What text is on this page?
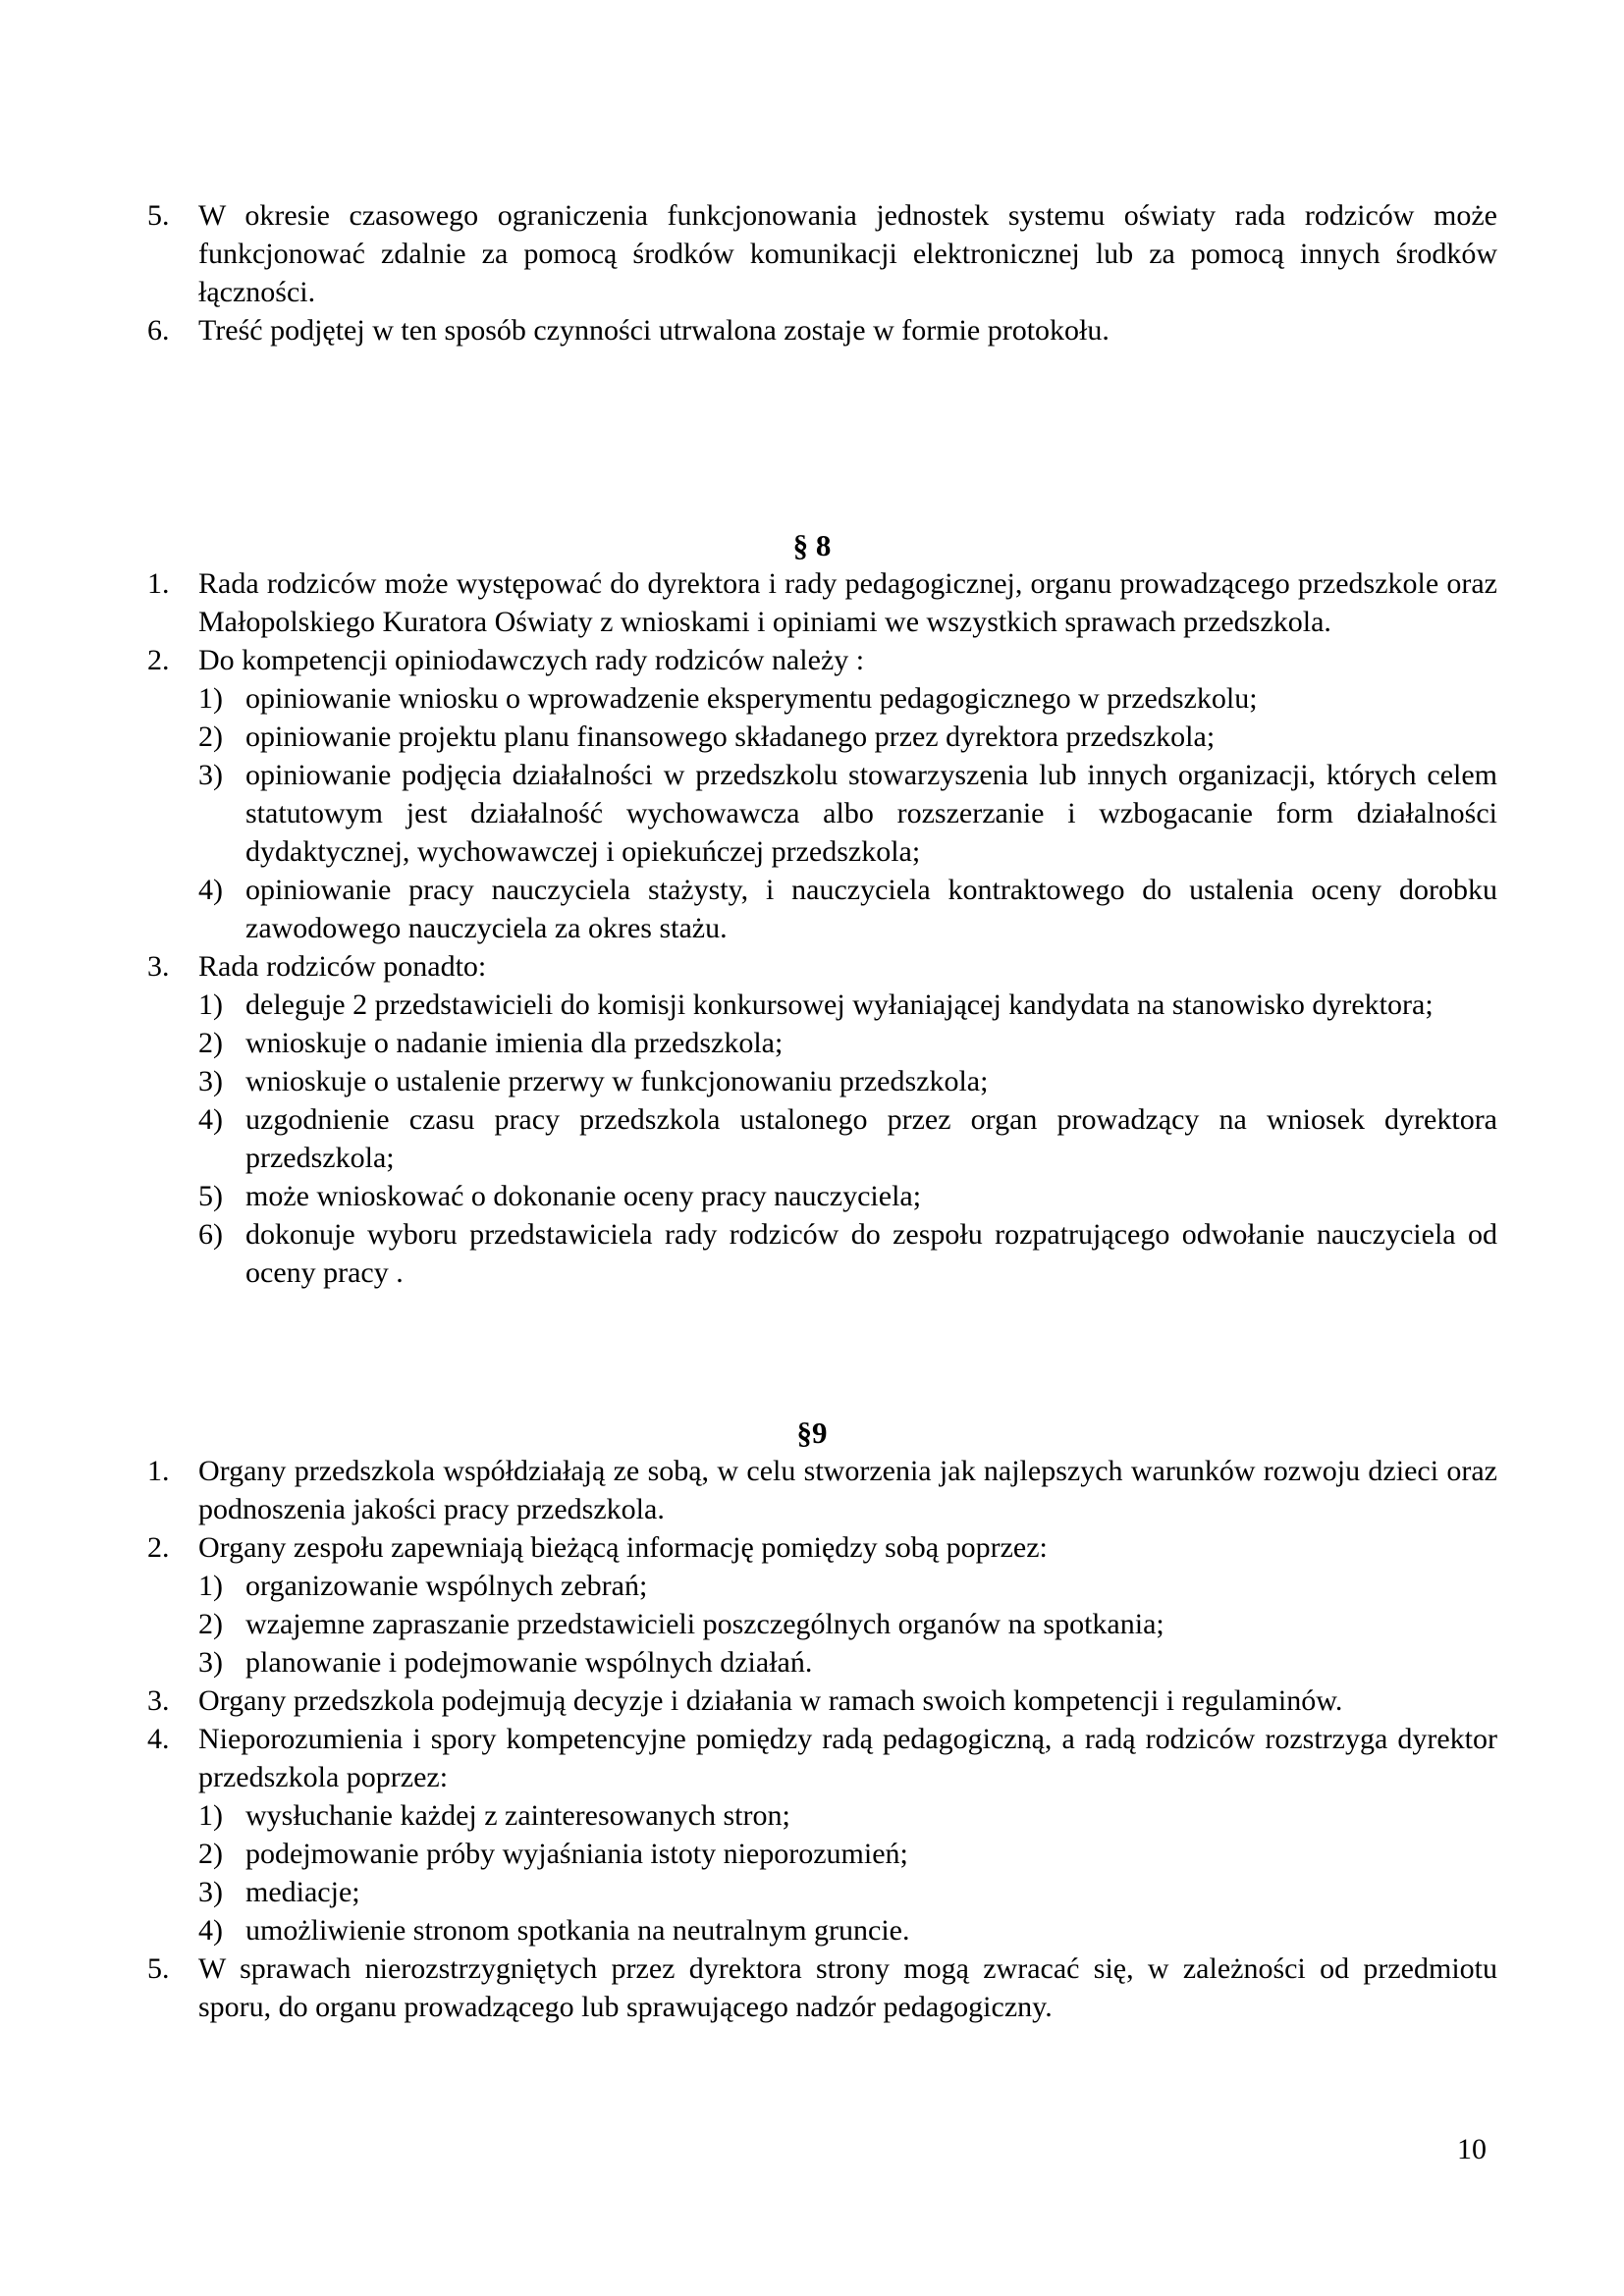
5. W okresie czasowego ograniczenia funkcjonowania jednostek systemu oświaty rada rodziców może funkcjonować zdalnie za pomocą środków komunikacji elektronicznej lub za pomocą innych środków łączności.
6. Treść podjętej w ten sposób czynności utrwalona zostaje w formie protokołu.
§ 8
1. Rada rodziców może występować do dyrektora i rady pedagogicznej, organu prowadzącego przedszkole oraz Małopolskiego Kuratora Oświaty z wnioskami i opiniami we wszystkich sprawach przedszkola.
2. Do kompetencji opiniodawczych rady rodziców należy :
1) opiniowanie wniosku o wprowadzenie eksperymentu pedagogicznego w przedszkolu;
2) opiniowanie projektu planu finansowego składanego przez dyrektora przedszkola;
3) opiniowanie podjęcia działalności w przedszkolu stowarzyszenia lub innych organizacji, których celem statutowym jest działalność wychowawcza albo rozszerzanie i wzbogacanie form działalności dydaktycznej, wychowawczej i opiekuńczej przedszkola;
4) opiniowanie pracy nauczyciela stażysty, i nauczyciela kontraktowego do ustalenia oceny dorobku zawodowego nauczyciela za okres stażu.
3. Rada rodziców ponadto:
1) deleguje 2 przedstawicieli do komisji konkursowej wyłaniającej kandydata na stanowisko dyrektora;
2) wnioskuje o nadanie imienia dla przedszkola;
3) wnioskuje o ustalenie przerwy w funkcjonowaniu przedszkola;
4) uzgodnienie czasu pracy przedszkola ustalonego przez organ prowadzący na wniosek dyrektora przedszkola;
5) może wnioskować o dokonanie oceny pracy nauczyciela;
6) dokonuje wyboru przedstawiciela rady rodziców do zespołu rozpatrującego odwołanie nauczyciela od oceny pracy .
§9
1. Organy przedszkola współdziałają ze sobą, w celu stworzenia jak najlepszych warunków rozwoju dzieci oraz podnoszenia jakości pracy przedszkola.
2. Organy zespołu zapewniają bieżącą informację pomiędzy sobą poprzez:
1) organizowanie wspólnych zebrań;
2) wzajemne zapraszanie przedstawicieli poszczególnych organów na spotkania;
3) planowanie i podejmowanie wspólnych działań.
3. Organy przedszkola podejmują decyzje i działania w ramach swoich kompetencji i regulaminów.
4. Nieporozumienia i spory kompetencyjne pomiędzy radą pedagogiczną, a radą rodziców rozstrzyga dyrektor przedszkola poprzez:
1) wysłuchanie każdej z zainteresowanych stron;
2) podejmowanie próby wyjaśniania istoty nieporozumień;
3) mediacje;
4) umożliwienie stronom spotkania na neutralnym gruncie.
5. W sprawach nierozstrzygniętych przez dyrektora strony mogą zwracać się, w zależności od przedmiotu sporu, do organu prowadzącego lub sprawującego nadzór pedagogiczny.
10
